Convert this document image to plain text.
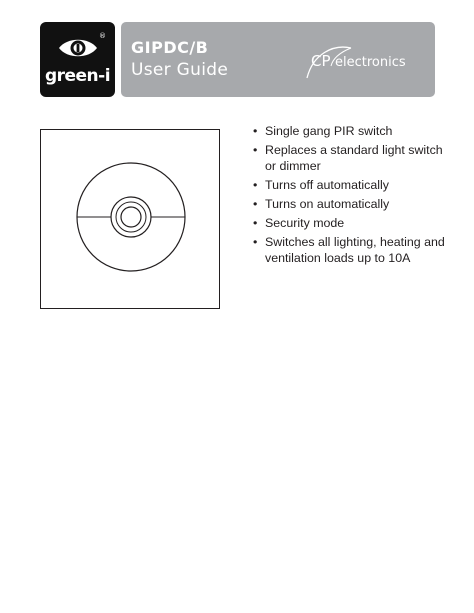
®
green-i
GIPDC/B
User Guide	CP electronics
• Single gang PIR switch
• Replaces a standard light switch or dimmer
• Turns off automatically
• Turns on automatically
• Security mode
• Switches all lighting, heating and ventilation loads up to 10A
